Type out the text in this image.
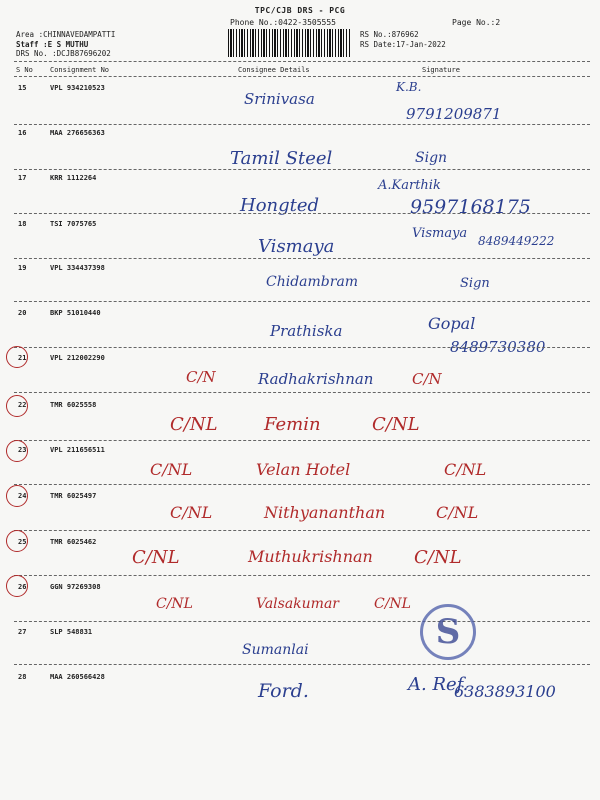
TPC/CJB DRS - PCG
Phone No.:0422-3505555	Page No.:2
Area :CHINNAVEDAMPATTI
Staff :E S MUTHU
DRS No. :DCJB87696202
RS No.:876962
RS Date:17-Jan-2022
S No Consignment No	Consignee Details	Signature
15	VPL 934210523
Srinivasa
K.B.
9791209871
16	MAA 276656363
Tamil Steel	Sign
17	KRR 1112264
Hongted
A.Karthik
9597168175
18	TSI 7075765
Vismaya
Vismaya 8489449222
19	VPL 334437398
Chidambram	Sign
20	BKP 51010440
Prathiska	Gopal
8489730380
21	VPL 212002290
C/N	Radhakrishnan	C/N
22	TMR 6025558
C/NL	Femin	C/NL
23	VPL 211656511
C/NL	Velan Hotel	C/NL
24	TMR 6025497
C/NL	Nithyananthan	C/NL
25	TMR 6025462
C/NL	Muthukrishnan C/NL
26	GGN 97269308
C/NL	Valsakumar	C/NL
27	SLP 548831
Sumanlai	S
28	MAA 260566428
Ford.	A. Ref.
6383893100
